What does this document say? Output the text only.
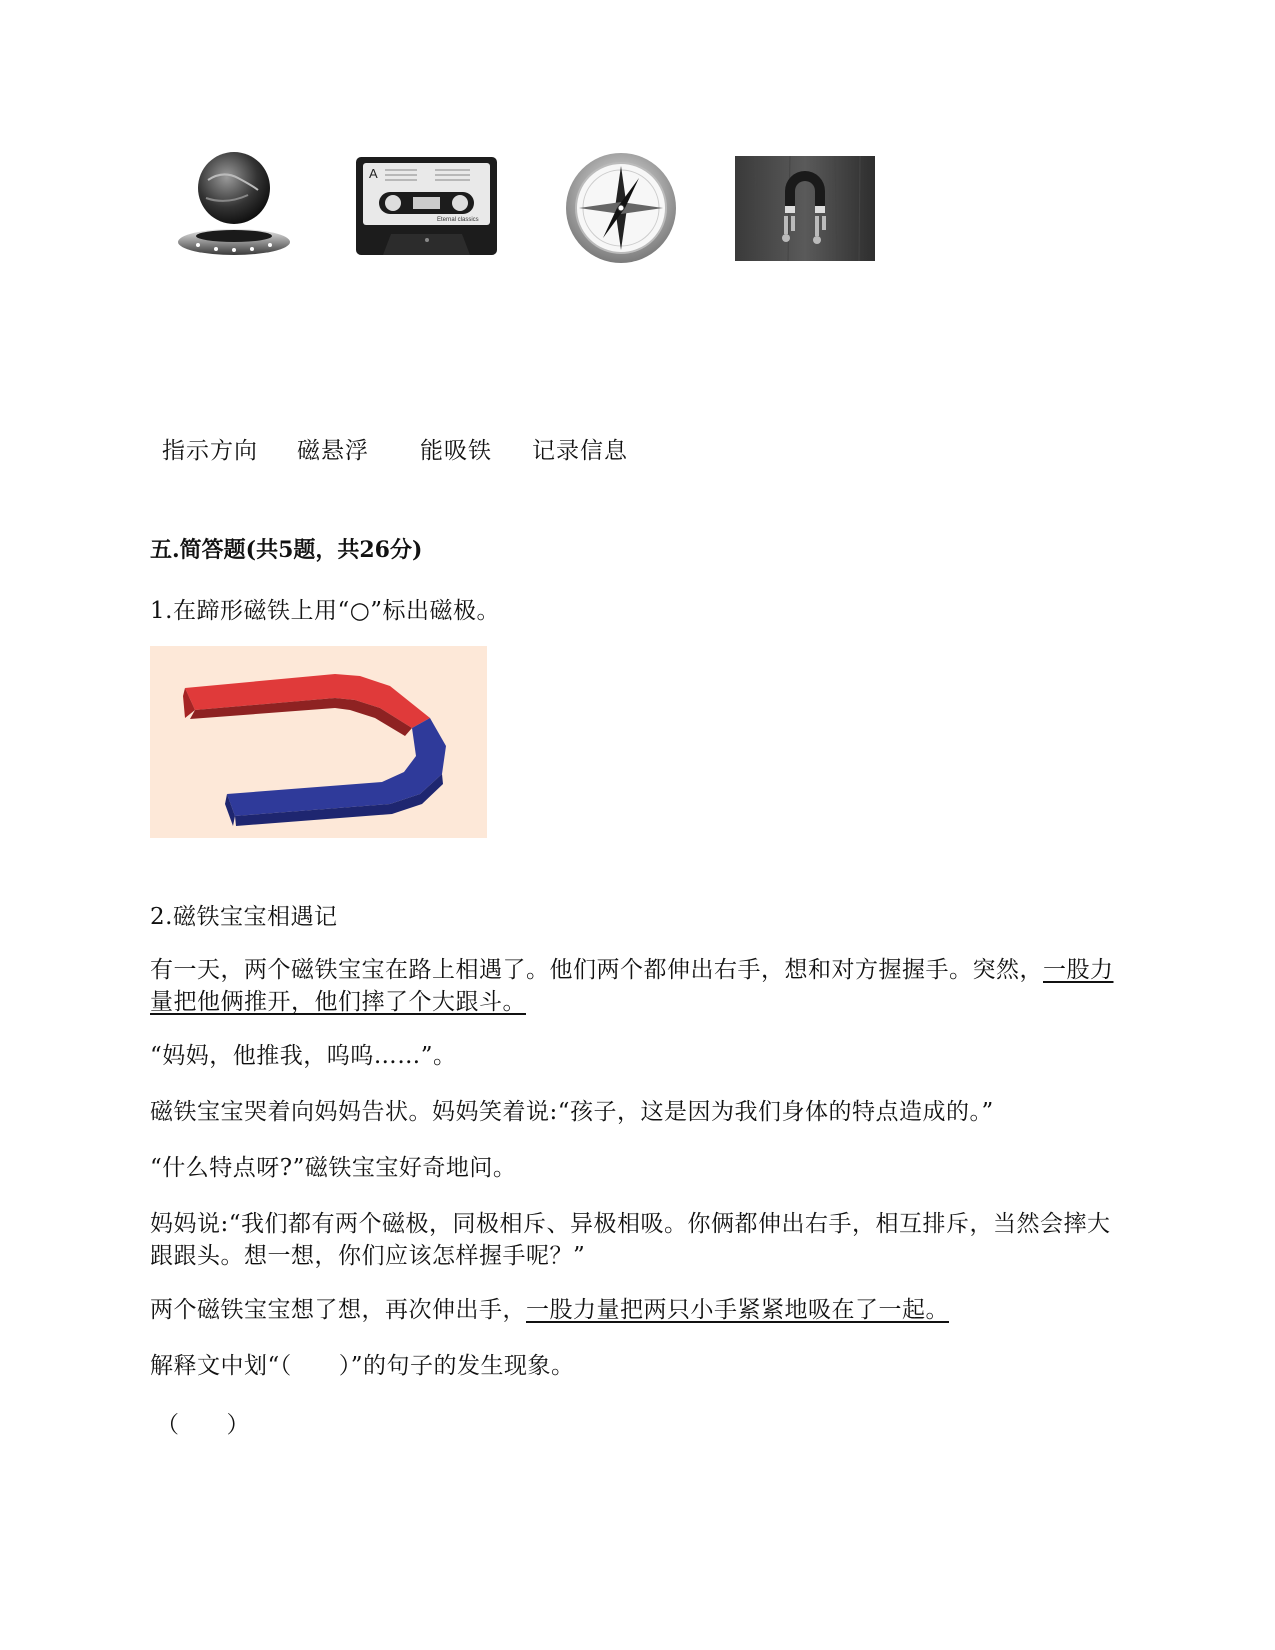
A
Eternal classics
指示方向 磁悬浮 能吸铁 记录信息
五.简答题(共5题，共26分)
1.在蹄形磁铁上用“○”标出磁极。
2.磁铁宝宝相遇记
有一天，两个磁铁宝宝在路上相遇了。他们两个都伸出右手，想和对方握握手。突然，一股力量把他俩推开，他们摔了个大跟斗。
“妈妈，他推我，呜呜……”。
磁铁宝宝哭着向妈妈告状。妈妈笑着说:“孩子，这是因为我们身体的特点造成的。”
“什么特点呀?”磁铁宝宝好奇地问。
妈妈说:“我们都有两个磁极，同极相斥、异极相吸。你俩都伸出右手，相互排斥，当然会摔大跟跟头。想一想，你们应该怎样握手呢？”
两个磁铁宝宝想了想，再次伸出手，一股力量把两只小手紧紧地吸在了一起。
解释文中划“（　　）”的句子的发生现象。
（　　）
